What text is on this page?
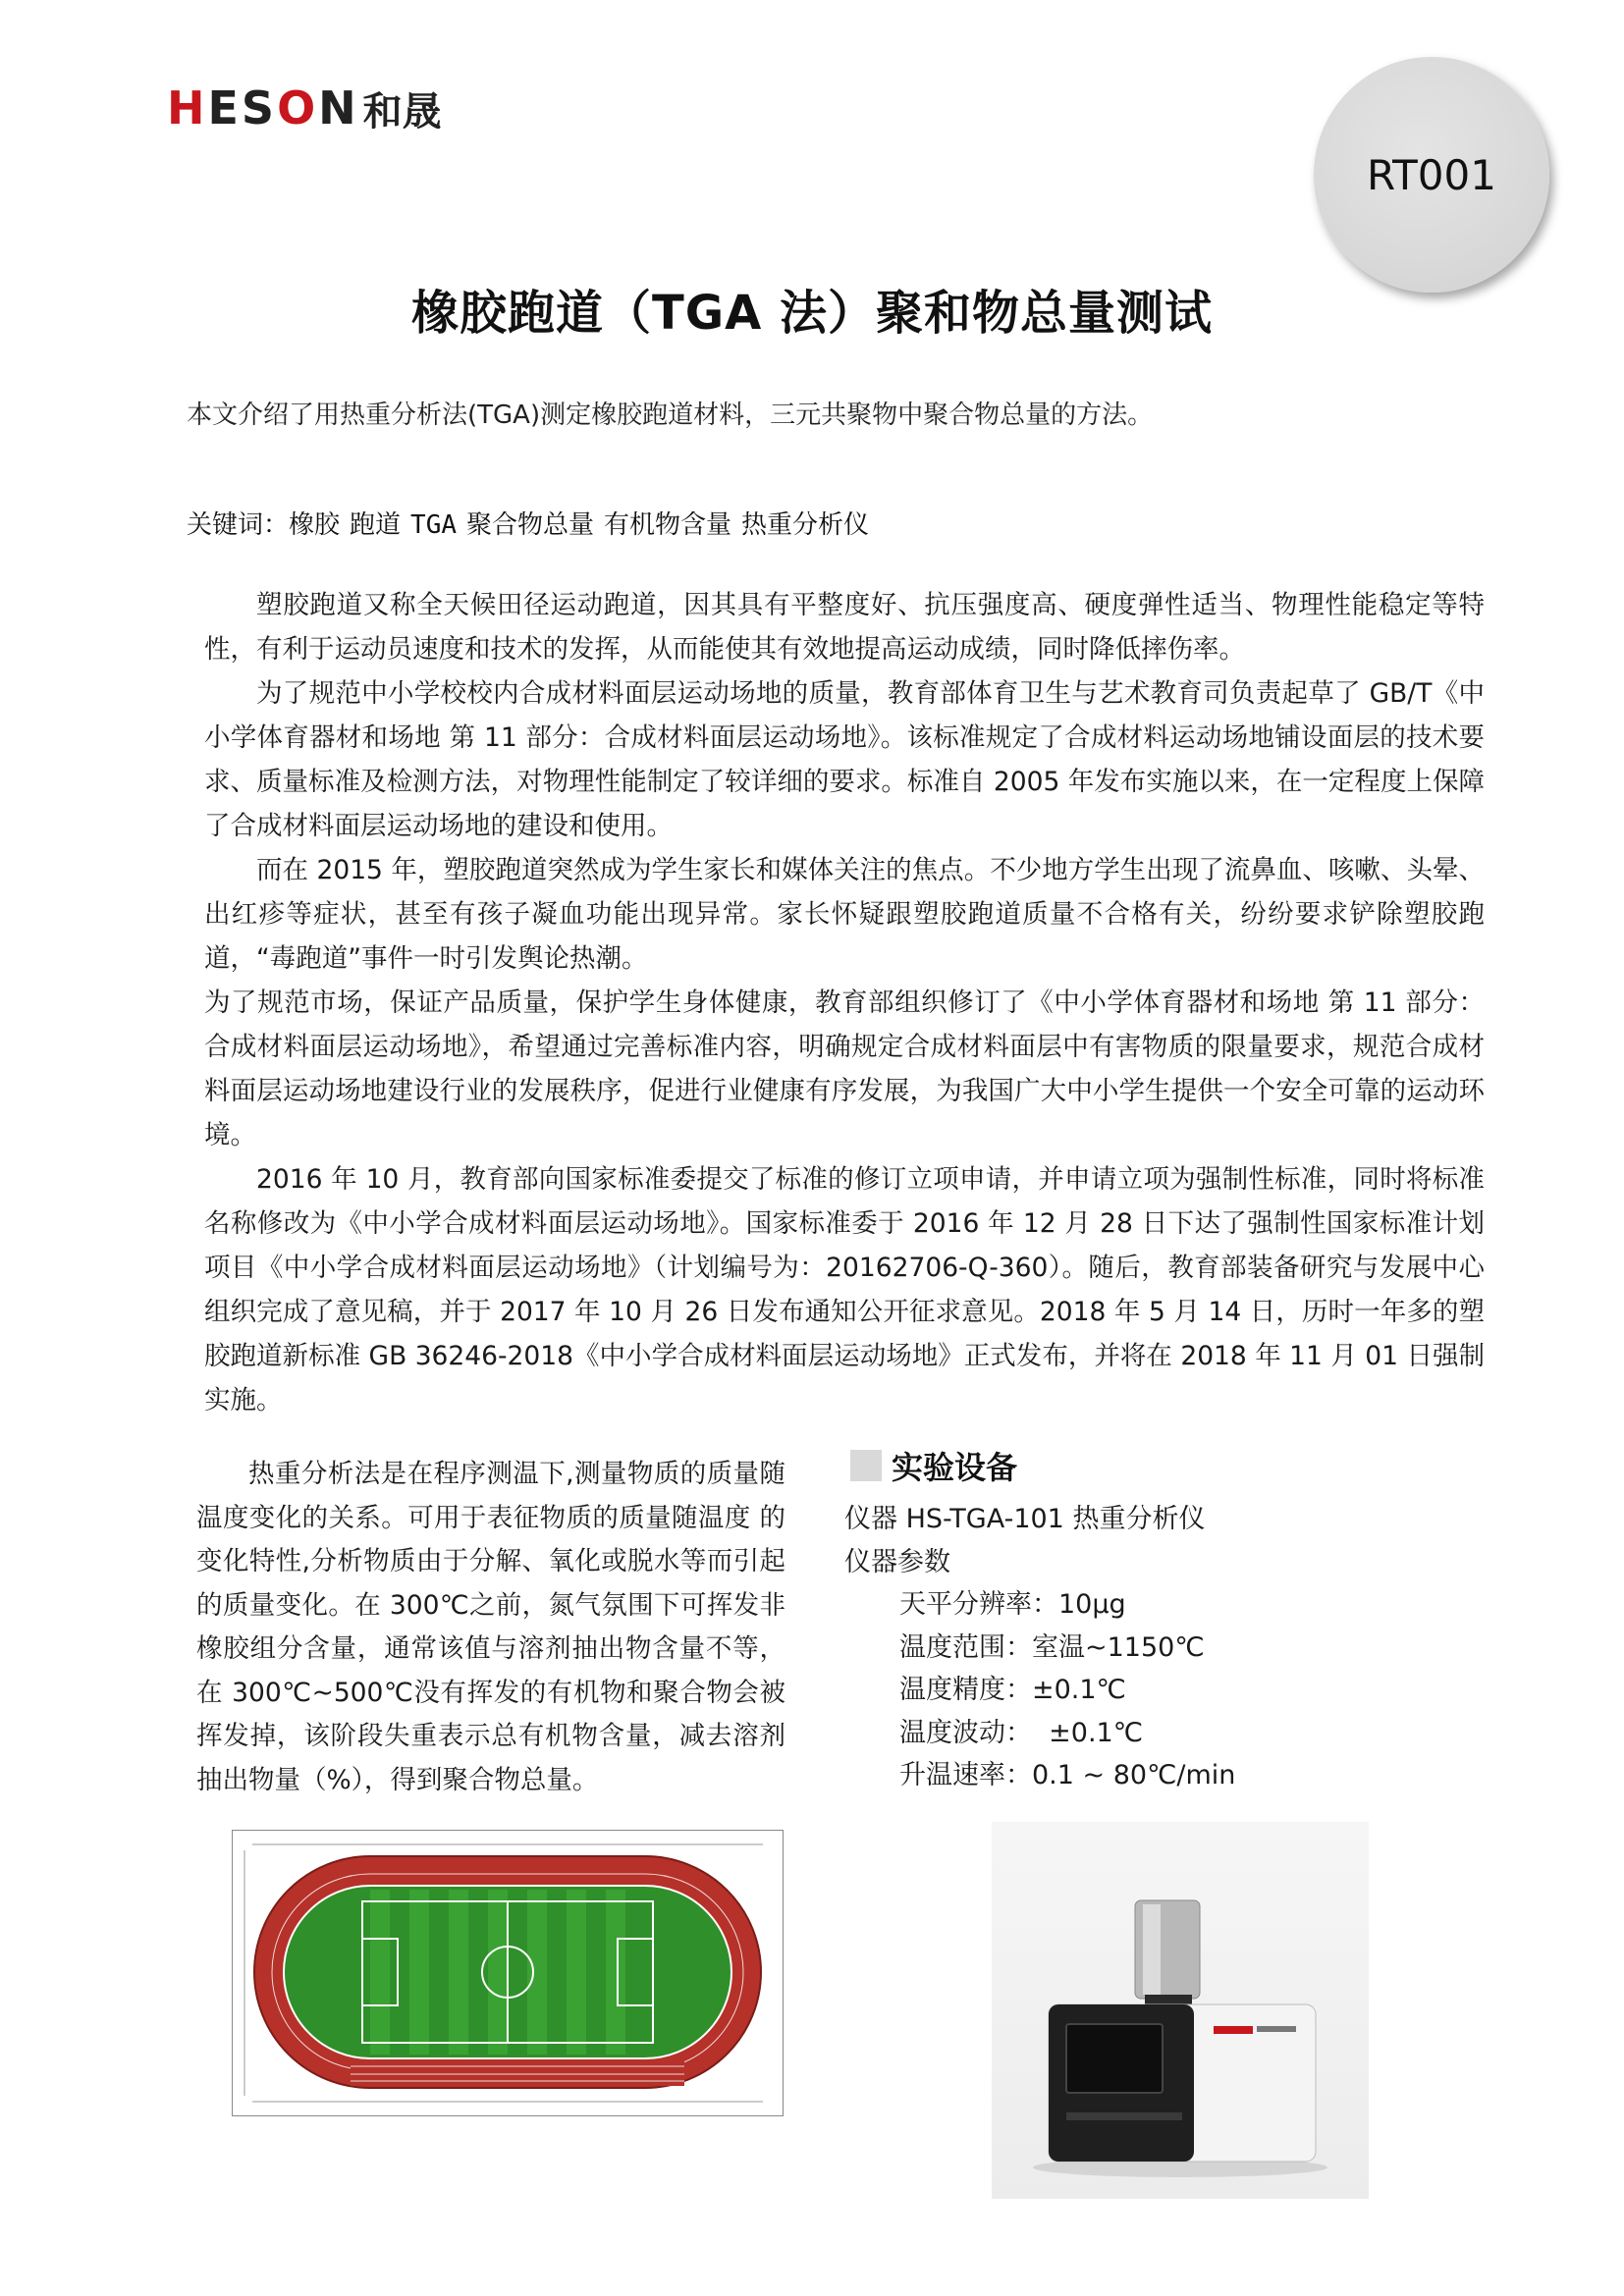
HESON 和晟
RT001
橡胶跑道（TGA 法）聚和物总量测试
本文介绍了用热重分析法(TGA)测定橡胶跑道材料，三元共聚物中聚合物总量的方法。
关键词：橡胶 跑道 TGA 聚合物总量 有机物含量 热重分析仪

塑胶跑道又称全天候田径运动跑道，因其具有平整度好、抗压强度高、硬度弹性适当、物理性能稳定等特性，有利于运动员速度和技术的发挥，从而能使其有效地提高运动成绩，同时降低摔伤率。

为了规范中小学校校内合成材料面层运动场地的质量，教育部体育卫生与艺术教育司负责起草了 GB/T《中小学体育器材和场地 第 11 部分：合成材料面层运动场地》。该标准规定了合成材料运动场地铺设面层的技术要求、质量标准及检测方法，对物理性能制定了较详细的要求。标准自 2005 年发布实施以来，在一定程度上保障了合成材料面层运动场地的建设和使用。

而在 2015 年，塑胶跑道突然成为学生家长和媒体关注的焦点。不少地方学生出现了流鼻血、咳嗽、头晕、出红疹等症状，甚至有孩子凝血功能出现异常。家长怀疑跟塑胶跑道质量不合格有关，纷纷要求铲除塑胶跑道，“毒跑道”事件一时引发舆论热潮。

为了规范市场，保证产品质量，保护学生身体健康，教育部组织修订了《中小学体育器材和场地 第 11 部分：合成材料面层运动场地》，希望通过完善标准内容，明确规定合成材料面层中有害物质的限量要求，规范合成材料面层运动场地建设行业的发展秩序，促进行业健康有序发展，为我国广大中小学生提供一个安全可靠的运动环境。

2016 年 10 月，教育部向国家标准委提交了标准的修订立项申请，并申请立项为强制性标准，同时将标准名称修改为《中小学合成材料面层运动场地》。国家标准委于 2016 年 12 月 28 日下达了强制性国家标准计划项目《中小学合成材料面层运动场地》（计划编号为：20162706-Q-360）。随后，教育部装备研究与发展中心组织完成了意见稿，并于 2017 年 10 月 26 日发布通知公开征求意见。2018 年 5 月 14 日，历时一年多的塑胶跑道新标准 GB 36246-2018《中小学合成材料面层运动场地》正式发布，并将在 2018 年 11 月 01 日强制实施。

热重分析法是在程序测温下,测量物质的质量随温度变化的关系。可用于表征物质的质量随温度 的变化特性,分析物质由于分解、氧化或脱水等而引起的质量变化。在 300℃之前，氮气氛围下可挥发非橡胶组分含量，通常该值与溶剂抽出物含量不等，在 300℃~500℃没有挥发的有机物和聚合物会被挥发掉，该阶段失重表示总有机物含量，减去溶剂抽出物量（%），得到聚合物总量。
实验设备
仪器 HS-TGA-101 热重分析仪
仪器参数
天平分辨率：10μg
温度范围：室温~1150℃
温度精度：±0.1℃
温度波动：  ±0.1℃
升温速率：0.1 ~ 80℃/min
